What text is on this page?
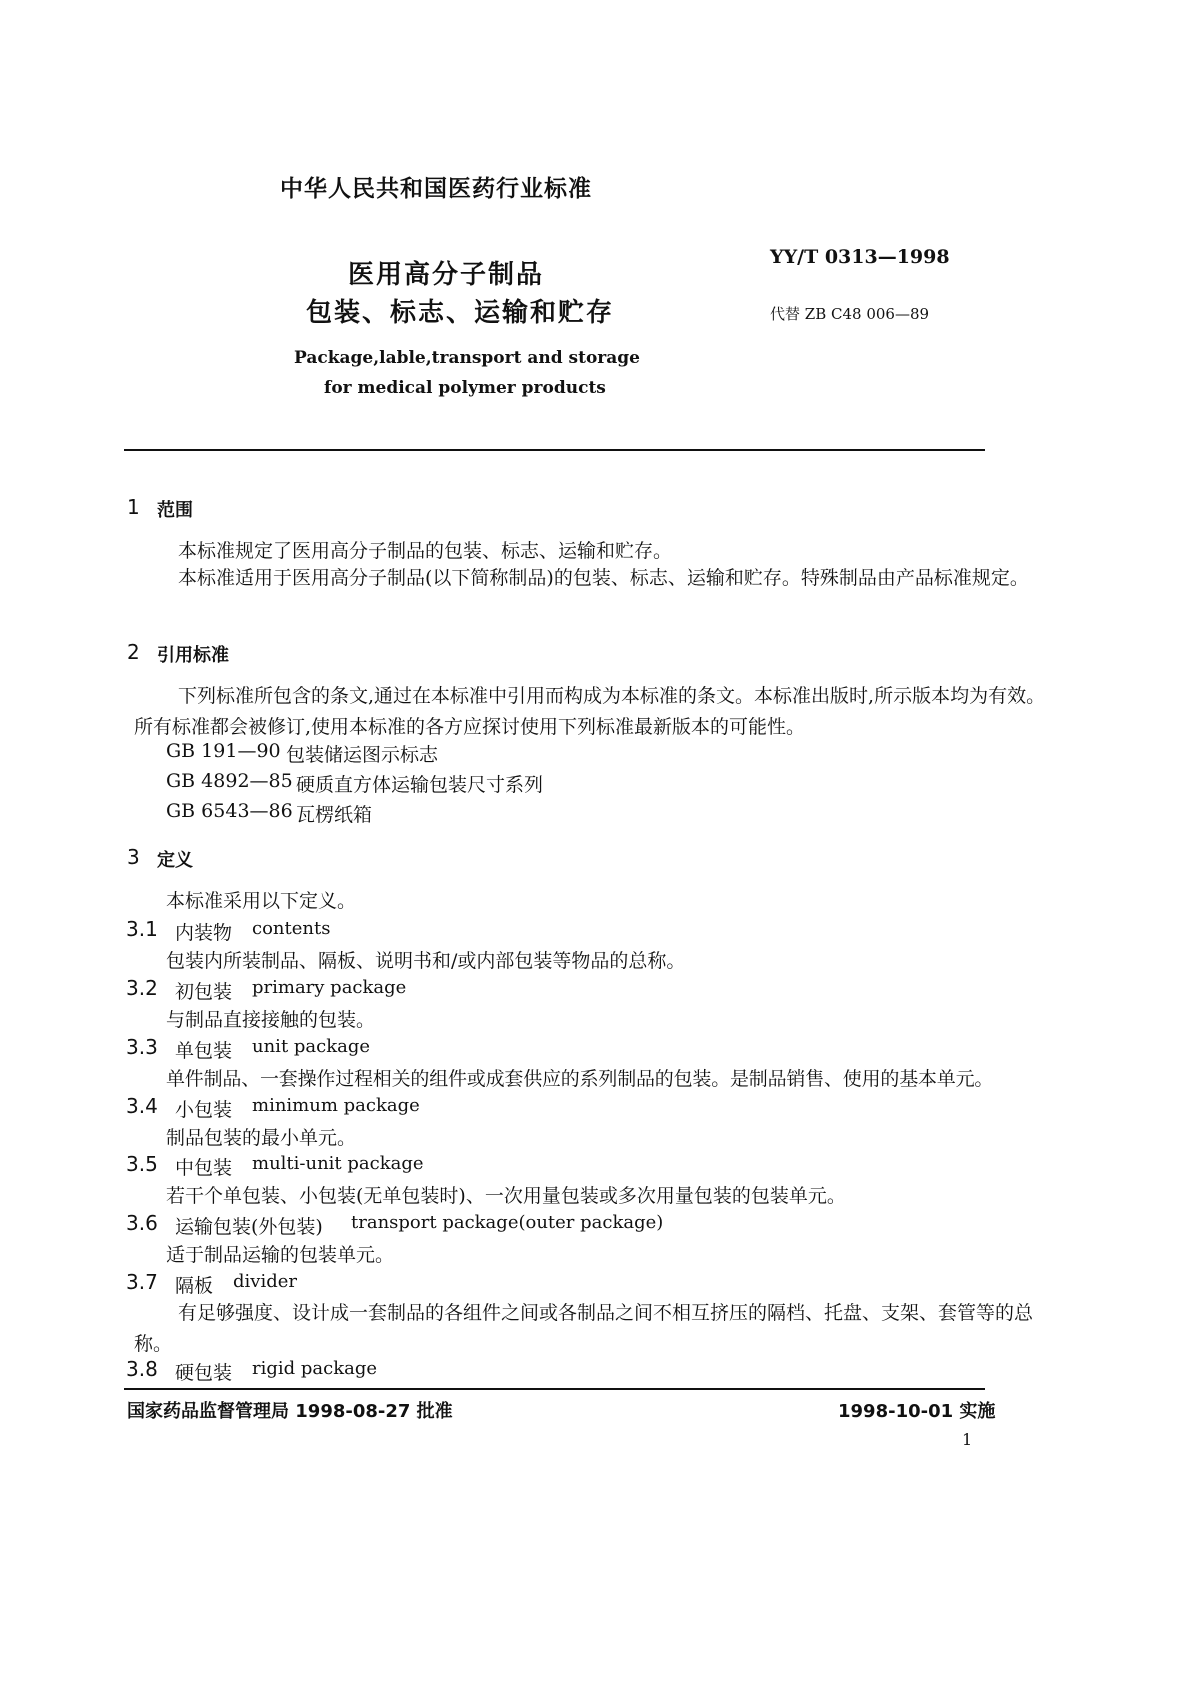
中华人民共和国医药行业标准
医用高分子制品
包装、标志、运输和贮存
YY/T 0313—1998
代替 ZB C48 006—89
Package,lable,transport and storage
for medical polymer products
1 范围
本标准规定了医用高分子制品的包装、标志、运输和贮存。
本标准适用于医用高分子制品(以下简称制品)的包装、标志、运输和贮存。特殊制品由产品标准规定。
2 引用标准
下列标准所包含的条文,通过在本标准中引用而构成为本标准的条文。本标准出版时,所示版本均为有效。所有标准都会被修订,使用本标准的各方应探讨使用下列标准最新版本的可能性。
GB 191—90 包装储运图示标志
GB 4892—85 硬质直方体运输包装尺寸系列
GB 6543—86 瓦楞纸箱
3 定义
本标准采用以下定义。
3.1 内装物 contents
包装内所装制品、隔板、说明书和/或内部包装等物品的总称。
3.2 初包装 primary package
与制品直接接触的包装。
3.3 单包装 unit package
单件制品、一套操作过程相关的组件或成套供应的系列制品的包装。是制品销售、使用的基本单元。
3.4 小包装 minimum package
制品包装的最小单元。
3.5 中包装 multi-unit package
若干个单包装、小包装(无单包装时)、一次用量包装或多次用量包装的包装单元。
3.6 运输包装(外包装) transport package(outer package)
适于制品运输的包装单元。
3.7 隔板 divider
有足够强度、设计成一套制品的各组件之间或各制品之间不相互挤压的隔档、托盘、支架、套管等的总称。
3.8 硬包装 rigid package
国家药品监督管理局 1998-08-27 批准	1998-10-01 实施
1
